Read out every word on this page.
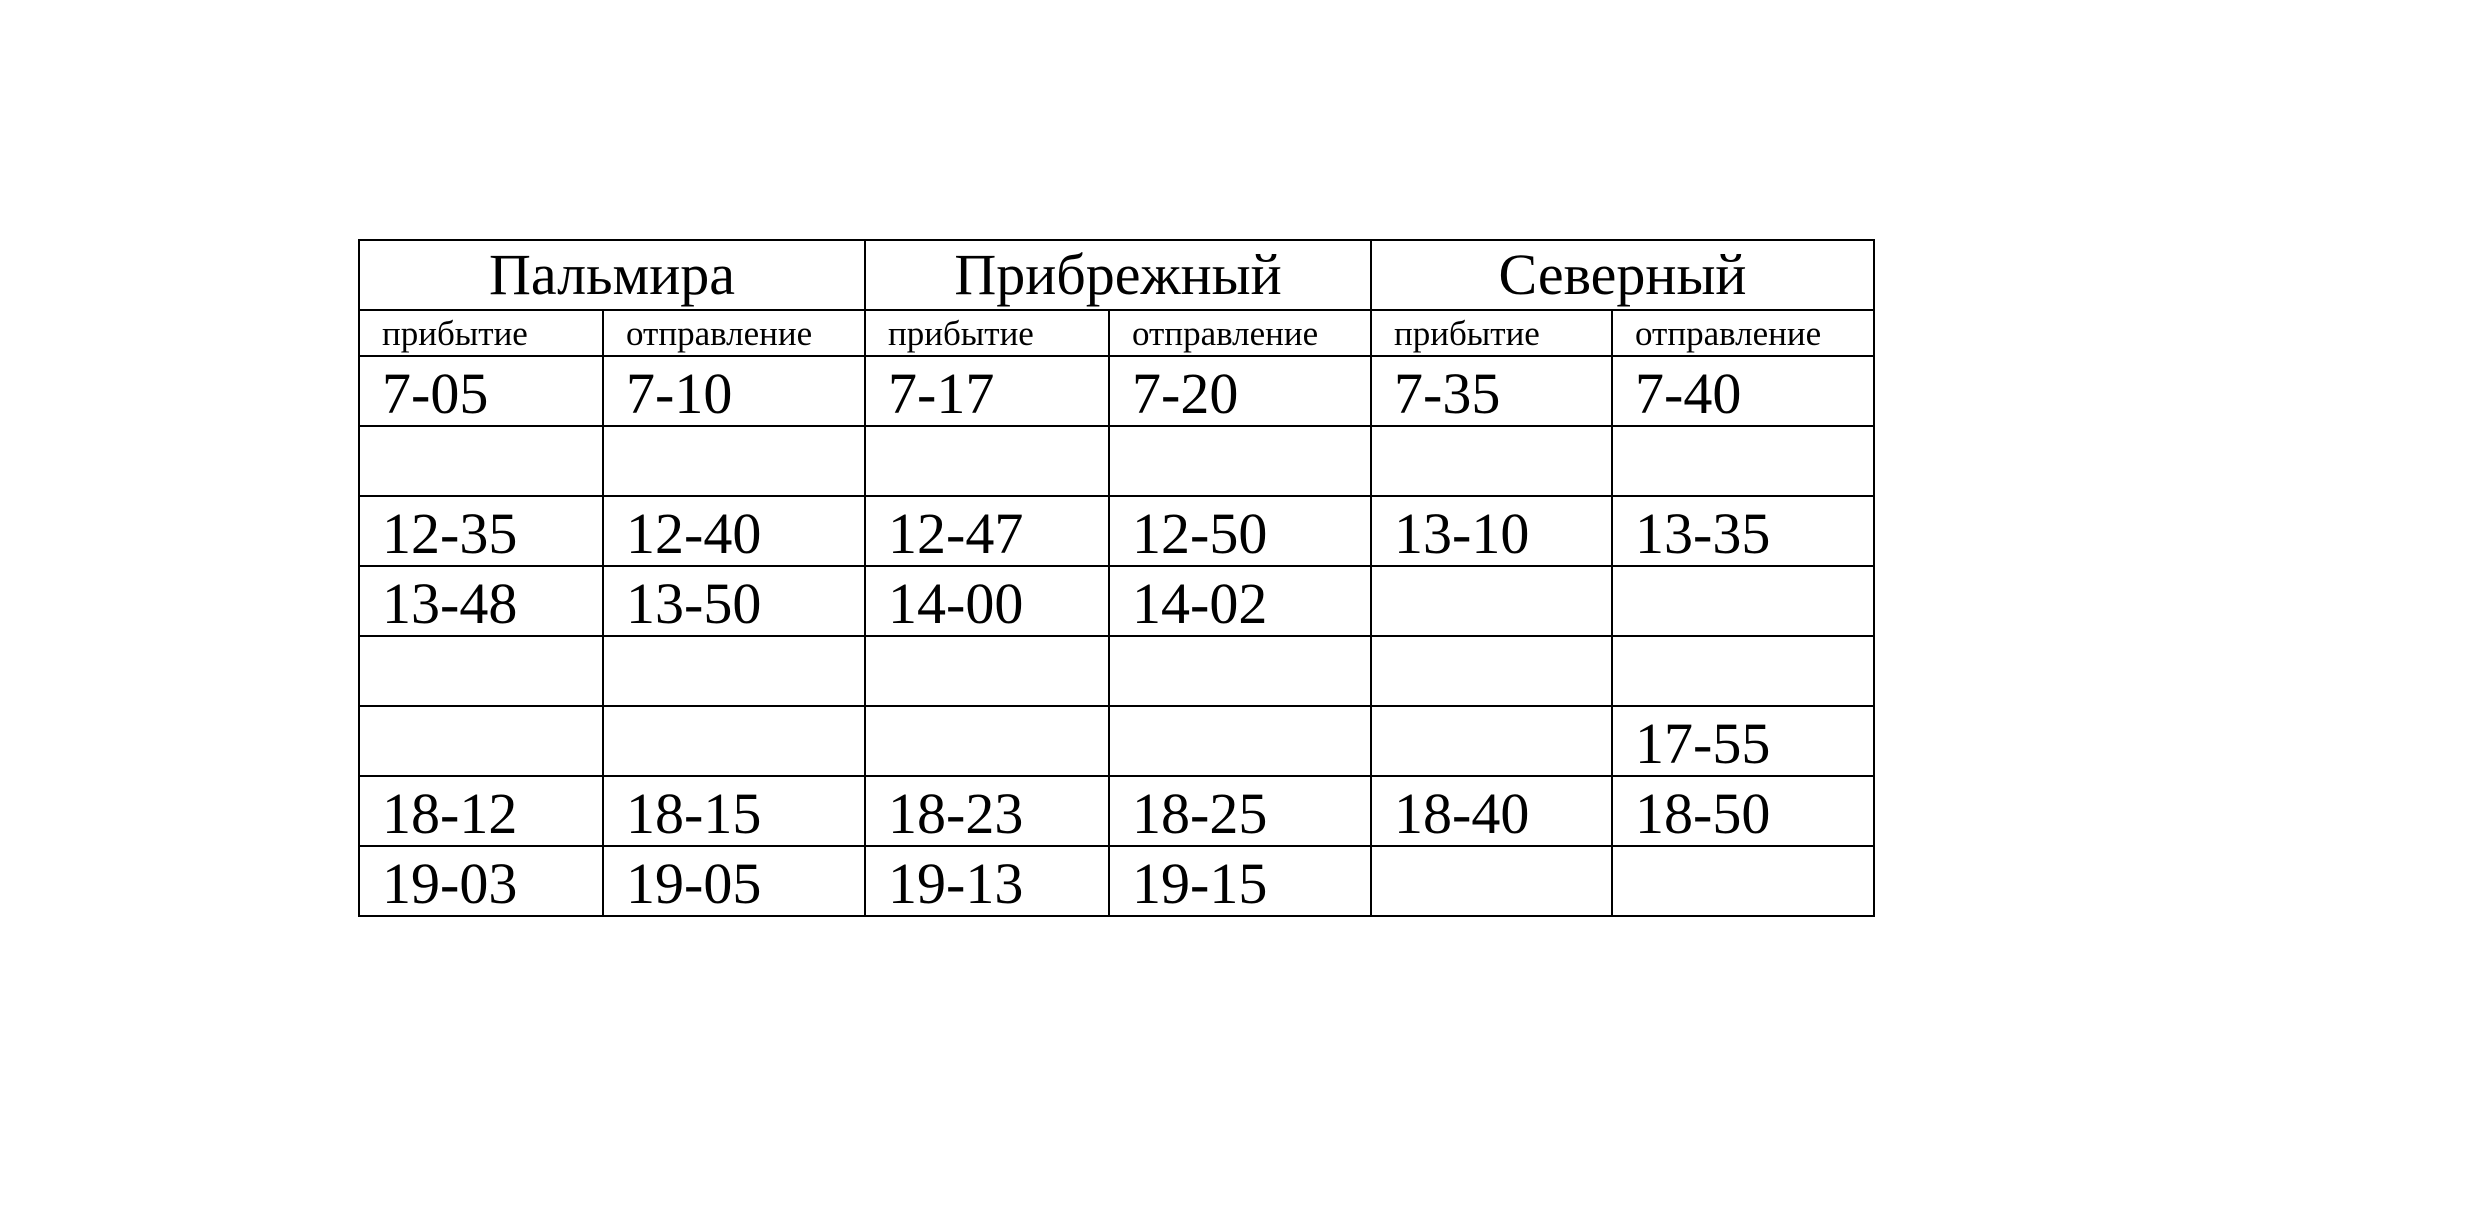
Пальмира		Прибрежный		Северный	
прибытие	отправление	прибытие	отправление	прибытие	отправление
7-05	7-10	7-17	7-20	7-35	7-40

12-35	12-40	12-47	12-50	13-10	13-35
13-48	13-50	14-00	14-02		

					17-55
18-12	18-15	18-23	18-25	18-40	18-50
19-03	19-05	19-13	19-15		
